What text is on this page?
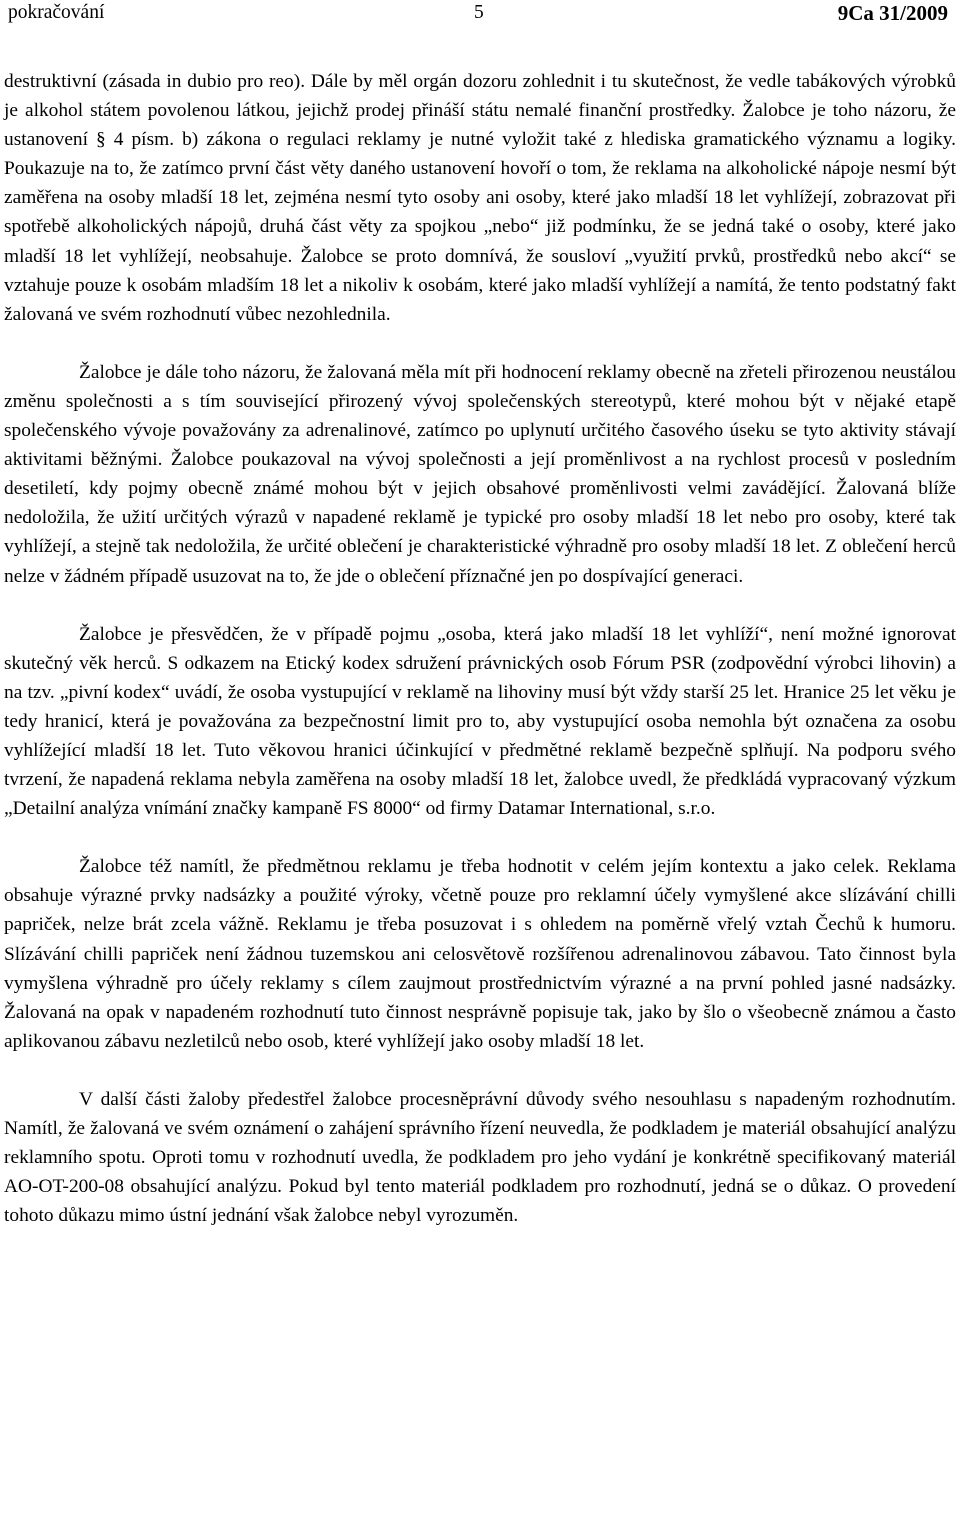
pokračování	5	9Ca 31/2009

destruktivní (zásada in dubio pro reo). Dále by měl orgán dozoru zohlednit i tu skutečnost, že vedle tabákových výrobků je alkohol státem povolenou látkou, jejichž prodej přináší státu nemalé finanční prostředky. Žalobce je toho názoru, že ustanovení § 4 písm. b) zákona o regulaci reklamy je nutné vyložit také z hlediska gramatického významu a logiky. Poukazuje na to, že zatímco první část věty daného ustanovení hovoří o tom, že reklama na alkoholické nápoje nesmí být zaměřena na osoby mladší 18 let, zejména nesmí tyto osoby ani osoby, které jako mladší 18 let vyhlížejí, zobrazovat při spotřebě alkoholických nápojů, druhá část věty za spojkou „nebo“ již podmínku, že se jedná také o osoby, které jako mladší 18 let vyhlížejí, neobsahuje. Žalobce se proto domnívá, že sousloví „využití prvků, prostředků nebo akcí“ se vztahuje pouze k osobám mladším 18 let a nikoliv k osobám, které jako mladší vyhlížejí a namítá, že tento podstatný fakt žalovaná ve svém rozhodnutí vůbec nezohlednila.

Žalobce je dále toho názoru, že žalovaná měla mít při hodnocení reklamy obecně na zřeteli přirozenou neustálou změnu společnosti a s tím související přirozený vývoj společenských stereotypů, které mohou být v nějaké etapě společenského vývoje považovány za adrenalinové, zatímco po uplynutí určitého časového úseku se tyto aktivity stávají aktivitami běžnými. Žalobce poukazoval na vývoj společnosti a její proměnlivost a na rychlost procesů v posledním desetiletí, kdy pojmy obecně známé mohou být v jejich obsahové proměnlivosti velmi zavádějící. Žalovaná blíže nedoložila, že užití určitých výrazů v napadené reklamě je typické pro osoby mladší 18 let nebo pro osoby, které tak vyhlížejí, a stejně tak nedoložila, že určité oblečení je charakteristické výhradně pro osoby mladší 18 let. Z oblečení herců nelze v žádném případě usuzovat na to, že jde o oblečení příznačné jen po dospívající generaci.

Žalobce je přesvědčen, že v případě pojmu „osoba, která jako mladší 18 let vyhlíží“, není možné ignorovat skutečný věk herců. S odkazem na Etický kodex sdružení právnických osob Fórum PSR (zodpovědní výrobci lihovin) a na tzv. „pivní kodex“ uvádí, že osoba vystupující v reklamě na lihoviny musí být vždy starší 25 let. Hranice 25 let věku je tedy hranicí, která je považována za bezpečnostní limit pro to, aby vystupující osoba nemohla být označena za osobu vyhlížející mladší 18 let. Tuto věkovou hranici účinkující v předmětné reklamě bezpečně splňují. Na podporu svého tvrzení, že napadená reklama nebyla zaměřena na osoby mladší 18 let, žalobce uvedl, že předkládá vypracovaný výzkum „Detailní analýza vnímání značky kampaně FS 8000“ od firmy Datamar International, s.r.o.

Žalobce též namítl, že předmětnou reklamu je třeba hodnotit v celém jejím kontextu a jako celek. Reklama obsahuje výrazné prvky nadsázky a použité výroky, včetně pouze pro reklamní účely vymyšlené akce slízávání chilli papriček, nelze brát zcela vážně. Reklamu je třeba posuzovat i s ohledem na poměrně vřelý vztah Čechů k humoru. Slízávání chilli papriček není žádnou tuzemskou ani celosvětově rozšířenou adrenalinovou zábavou. Tato činnost byla vymyšlena výhradně pro účely reklamy s cílem zaujmout prostřednictvím výrazné a na první pohled jasné nadsázky. Žalovaná na opak v napadeném rozhodnutí tuto činnost nesprávně popisuje tak, jako by šlo o všeobecně známou a často aplikovanou zábavu nezletilců nebo osob, které vyhlížejí jako osoby mladší 18 let.

V další části žaloby předestřel žalobce procesněprávní důvody svého nesouhlasu s napadeným rozhodnutím. Namítl, že žalovaná ve svém oznámení o zahájení správního řízení neuvedla, že podkladem je materiál obsahující analýzu reklamního spotu. Oproti tomu v rozhodnutí uvedla, že podkladem pro jeho vydání je konkrétně specifikovaný materiál AO-OT-200-08 obsahující analýzu. Pokud byl tento materiál podkladem pro rozhodnutí, jedná se o důkaz. O provedení tohoto důkazu mimo ústní jednání však žalobce nebyl vyrozuměn.
